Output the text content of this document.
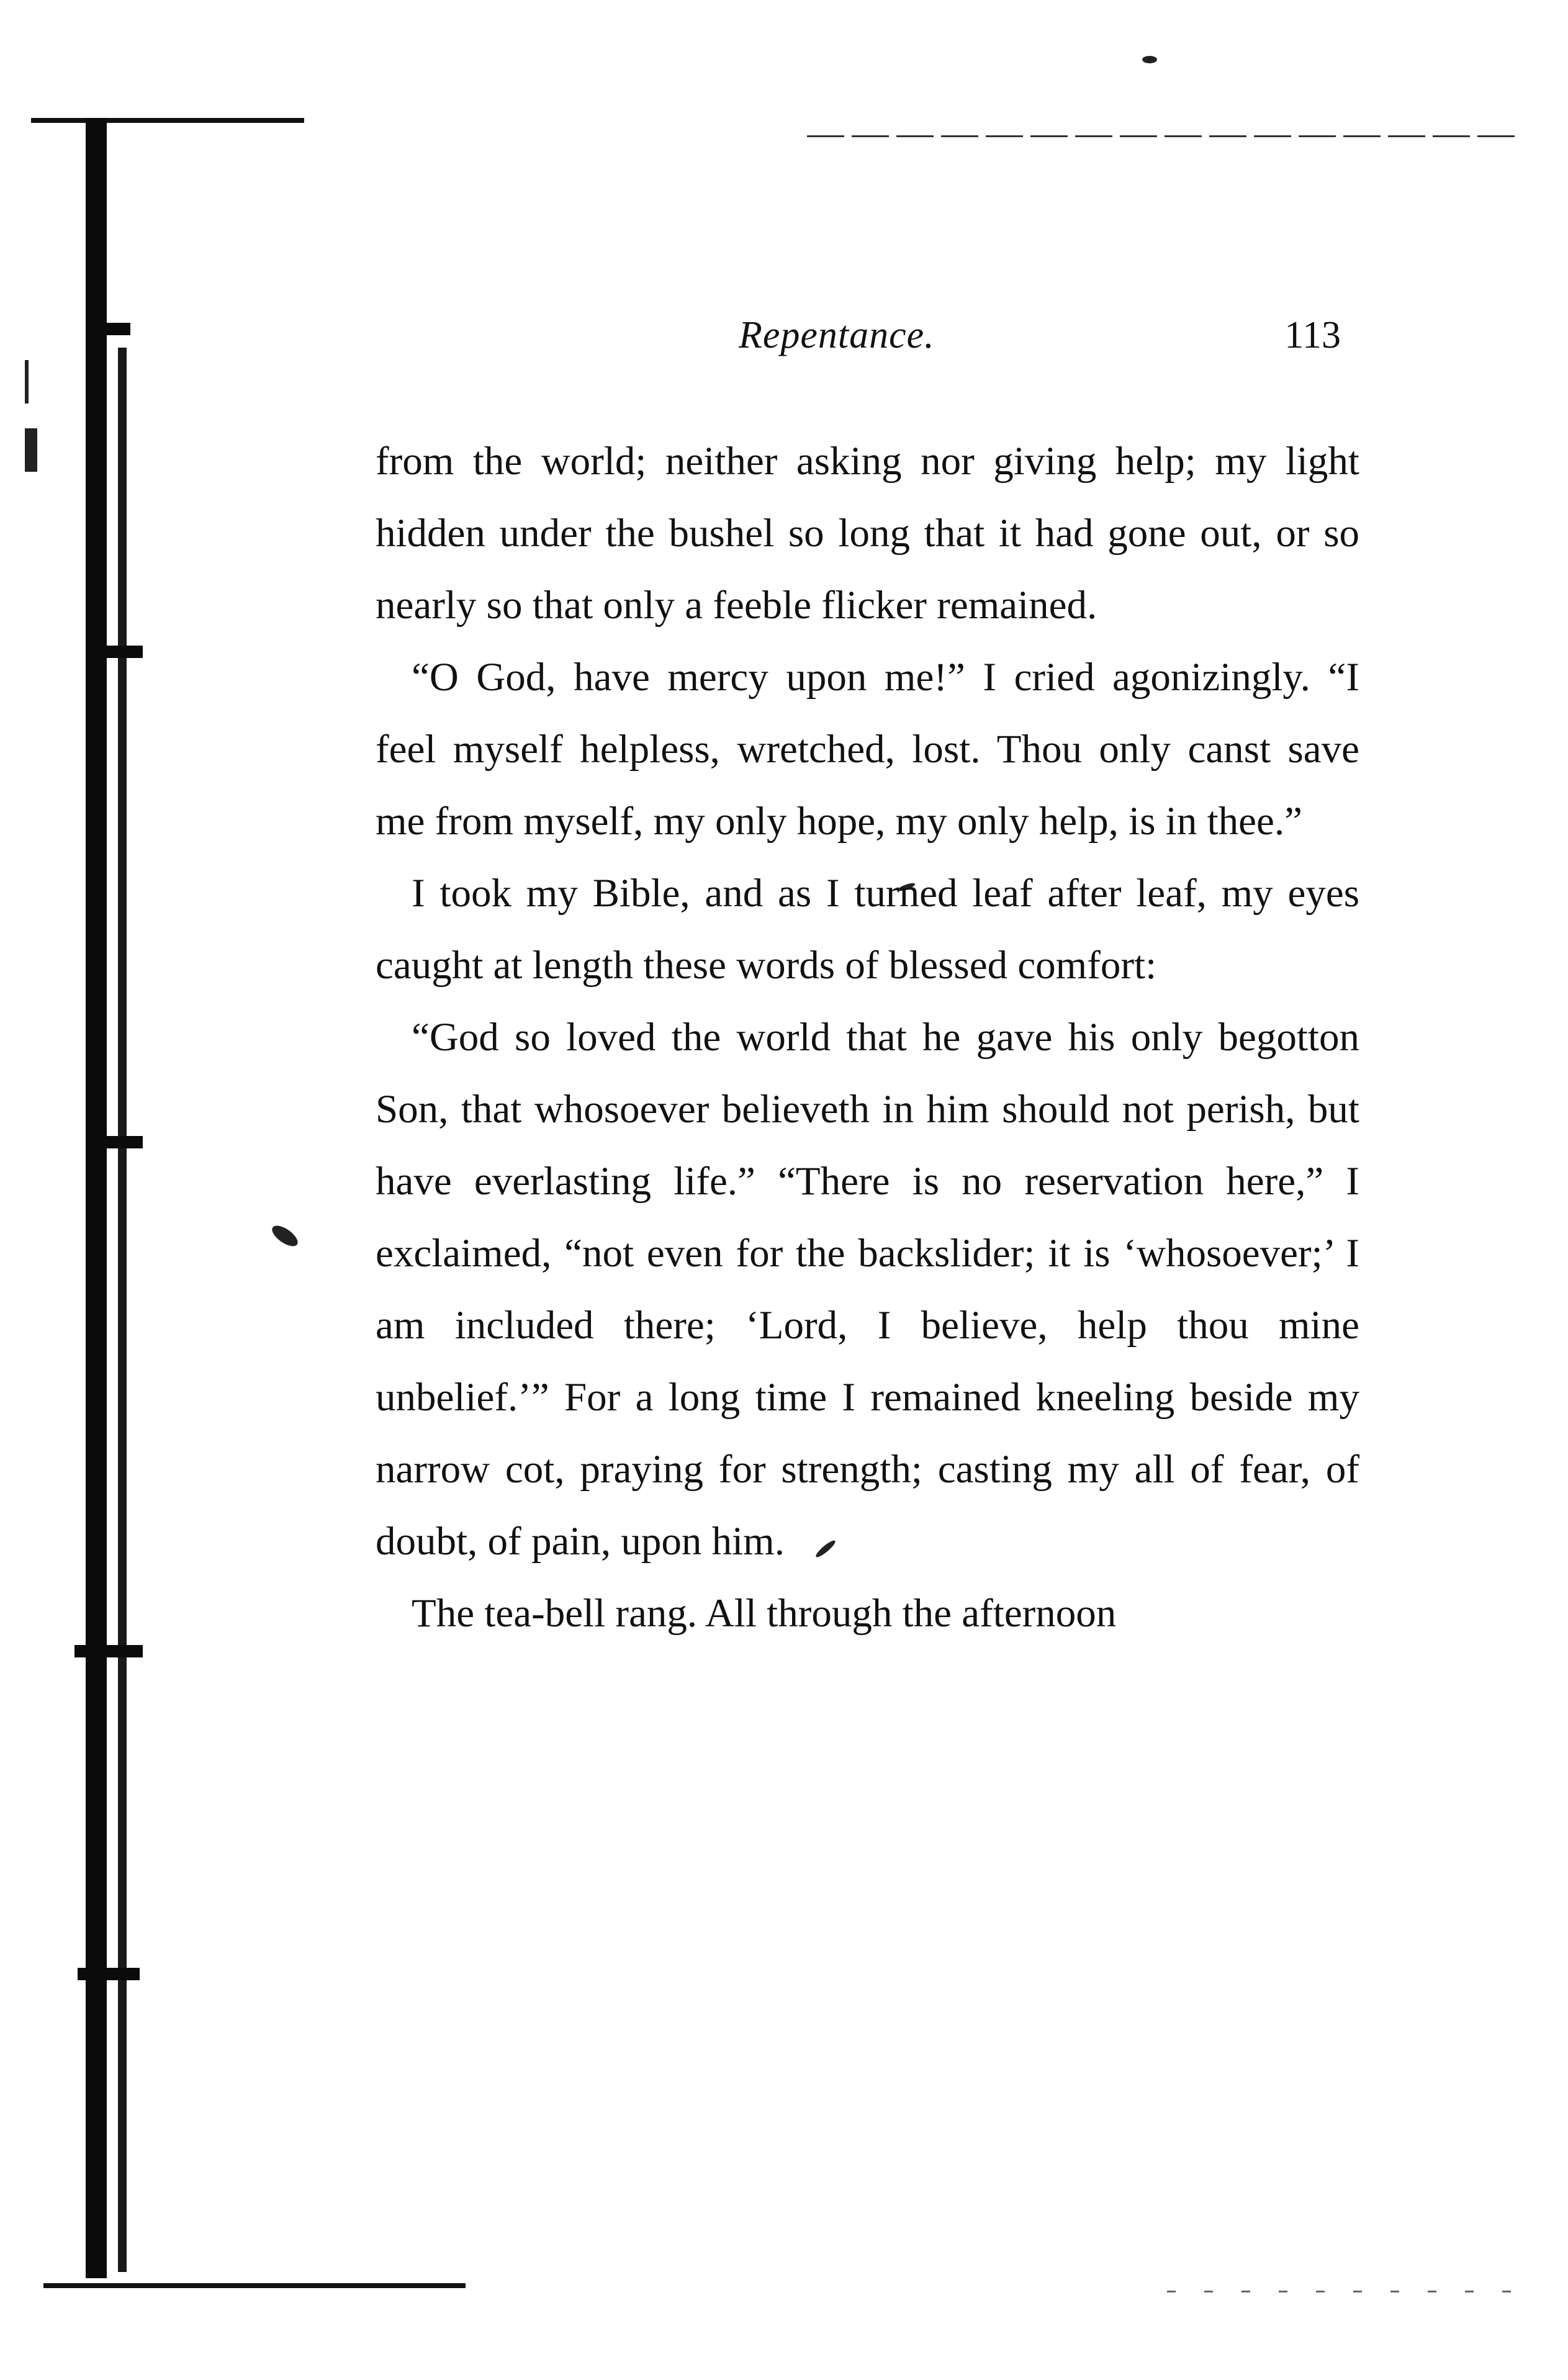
Repentance.	113

from the world; neither asking nor giving help; my light hidden under the bushel so long that it had gone out, or so nearly so that only a feeble flicker remained.

“O God, have mercy upon me!” I cried agonizingly. “I feel myself helpless, wretched, lost. Thou only canst save me from myself, my only hope, my only help, is in thee.”

I took my Bible, and as I turned leaf after leaf, my eyes caught at length these words of blessed comfort:

“God so loved the world that he gave his only begotton Son, that whosoever believeth in him should not perish, but have everlasting life.” “There is no reservation here,” I exclaimed, “not even for the backslider; it is ‘whosoever;’ I am included there; ‘Lord, I believe, help thou mine unbelief.’” For a long time I remained kneeling beside my narrow cot, praying for strength; casting my all of fear, of doubt, of pain, upon him.

The tea-bell rang. All through the afternoon
